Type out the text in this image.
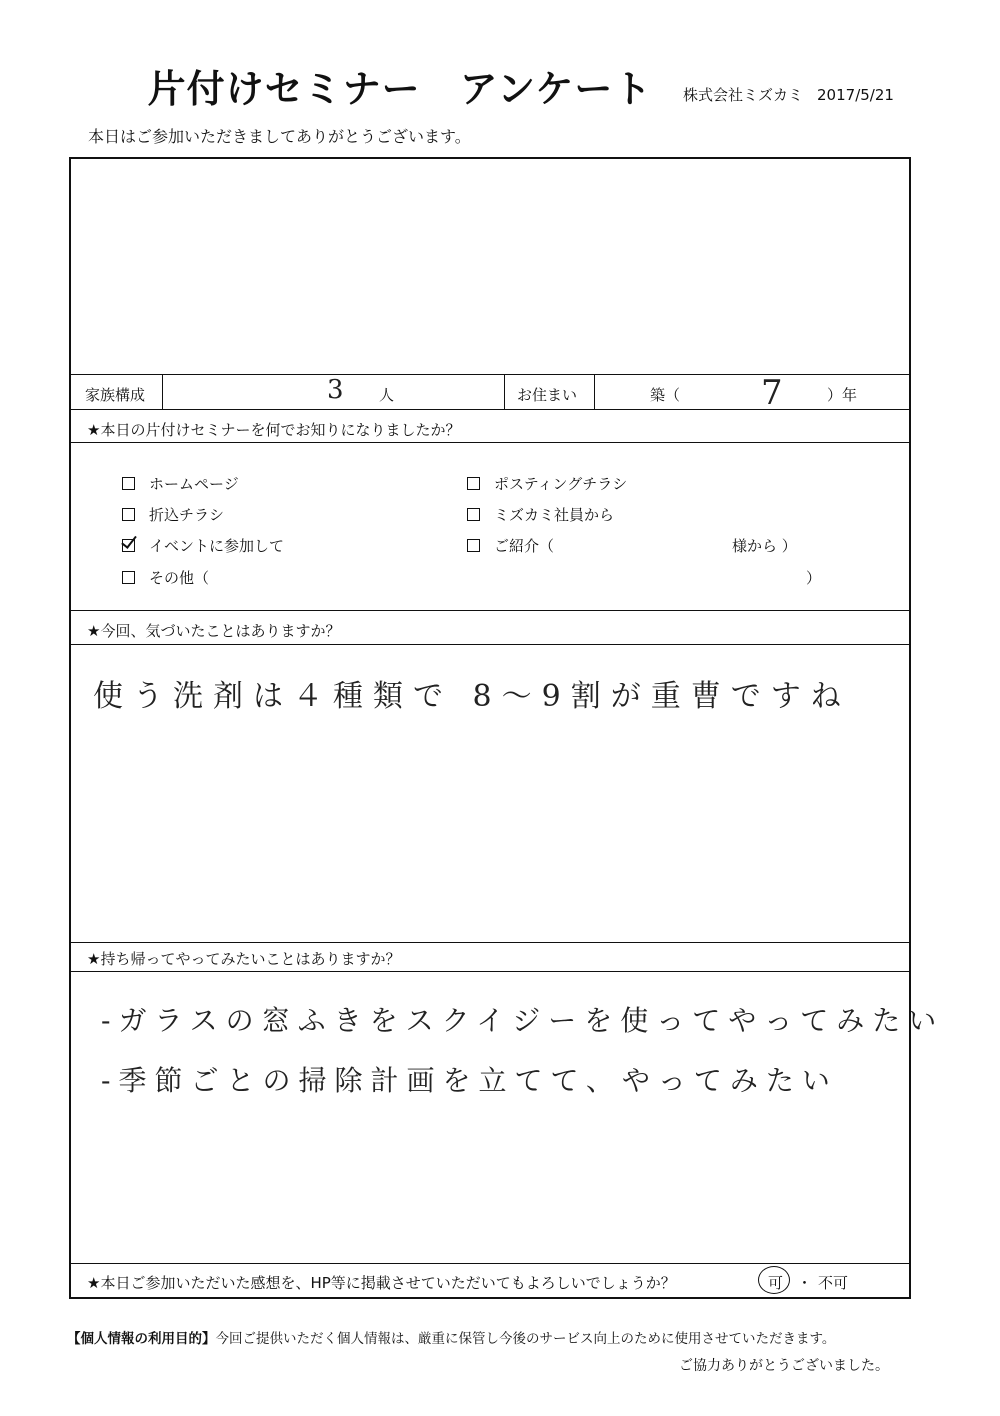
片付けセミナー　アンケート	株式会社ミズカミ 2017/5/21
本日はご参加いただきましてありがとうございます。
家族構成	3 人	お住まい	築（ 7	）年
★本日の片付けセミナーを何でお知りになりましたか？
ホームページ	ポスティングチラシ
折込チラシ	ミズカミ社員から
イベントに参加して	ご紹介（	様から ）
その他（	）
★今回、気づいたことはありますか？
使う洗剤は４種類で 8〜9割が重曹ですね
★持ち帰ってやってみたいことはありますか？
-ガラスの窓ふきをスクイジーを使ってやってみたい
-季節ごとの掃除計画を立てて、やってみたい
★本日ご参加いただいた感想を、HP等に掲載させていただいてもよろしいでしょうか？	可 ・ 不可
【個人情報の利用目的】今回ご提供いただく個人情報は、厳重に保管し今後のサービス向上のために使用させていただきます。
ご協力ありがとうございました。
